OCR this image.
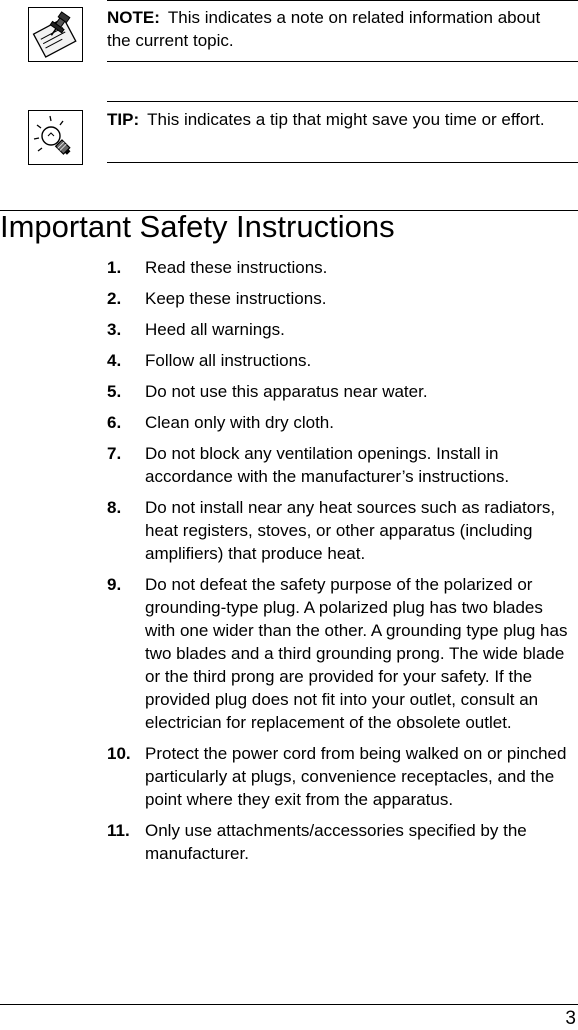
NOTE: This indicates a note on related information about the current topic.
TIP: This indicates a tip that might save you time or effort.
Important Safety Instructions
1. Read these instructions.
2. Keep these instructions.
3. Heed all warnings.
4. Follow all instructions.
5. Do not use this apparatus near water.
6. Clean only with dry cloth.
7. Do not block any ventilation openings. Install in accordance with the manufacturer’s instructions.
8. Do not install near any heat sources such as radiators, heat registers, stoves, or other apparatus (including amplifiers) that produce heat.
9. Do not defeat the safety purpose of the polarized or grounding-type plug. A polarized plug has two blades with one wider than the other. A grounding type plug has two blades and a third grounding prong. The wide blade or the third prong are provided for your safety. If the provided plug does not fit into your outlet, consult an electrician for replacement of the obsolete outlet.
10. Protect the power cord from being walked on or pinched particularly at plugs, convenience receptacles, and the point where they exit from the apparatus.
11. Only use attachments/accessories specified by the manufacturer.
3
